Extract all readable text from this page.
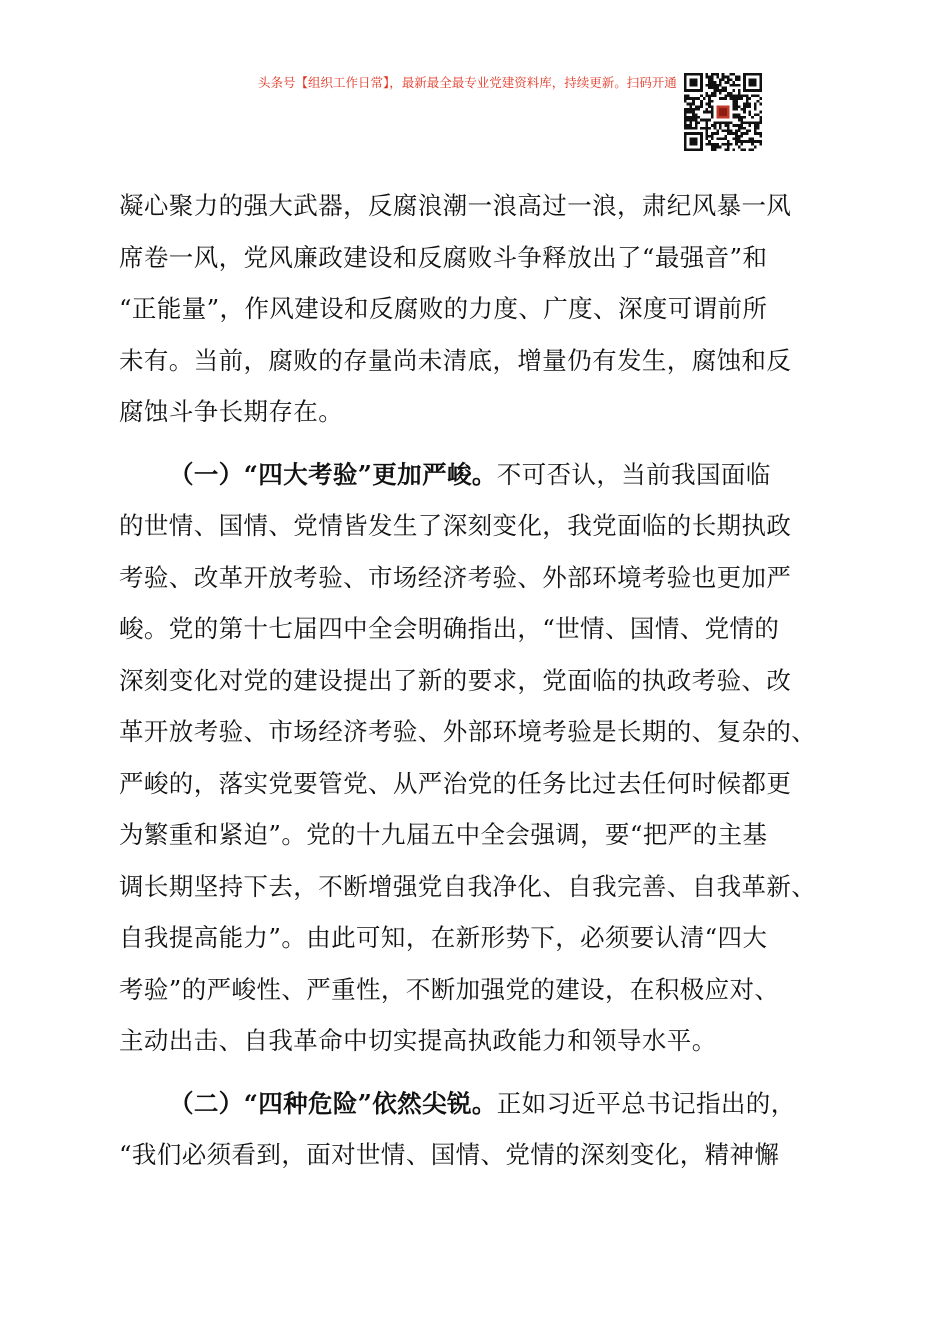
头条号【组织工作日常】，最新最全最专业党建资料库，持续更新。扫码开通
凝心聚力的强大武器，反腐浪潮一浪高过一浪，肃纪风暴一风
席卷一风，党风廉政建设和反腐败斗争释放出了“最强音”和
“正能量”，作风建设和反腐败的力度、广度、深度可谓前所
未有。当前，腐败的存量尚未清底，增量仍有发生，腐蚀和反
腐蚀斗争长期存在。
（一）“四大考验”更加严峻。不可否认，当前我国面临
的世情、国情、党情皆发生了深刻变化，我党面临的长期执政
考验、改革开放考验、市场经济考验、外部环境考验也更加严
峻。党的第十七届四中全会明确指出，“世情、国情、党情的
深刻变化对党的建设提出了新的要求，党面临的执政考验、改
革开放考验、市场经济考验、外部环境考验是长期的、复杂的、
严峻的，落实党要管党、从严治党的任务比过去任何时候都更
为繁重和紧迫”。党的十九届五中全会强调，要“把严的主基
调长期坚持下去，不断增强党自我净化、自我完善、自我革新、
自我提高能力”。由此可知，在新形势下，必须要认清“四大
考验”的严峻性、严重性，不断加强党的建设，在积极应对、
主动出击、自我革命中切实提高执政能力和领导水平。
（二）“四种危险”依然尖锐。正如习近平总书记指出的，
“我们必须看到，面对世情、国情、党情的深刻变化，精神懈
